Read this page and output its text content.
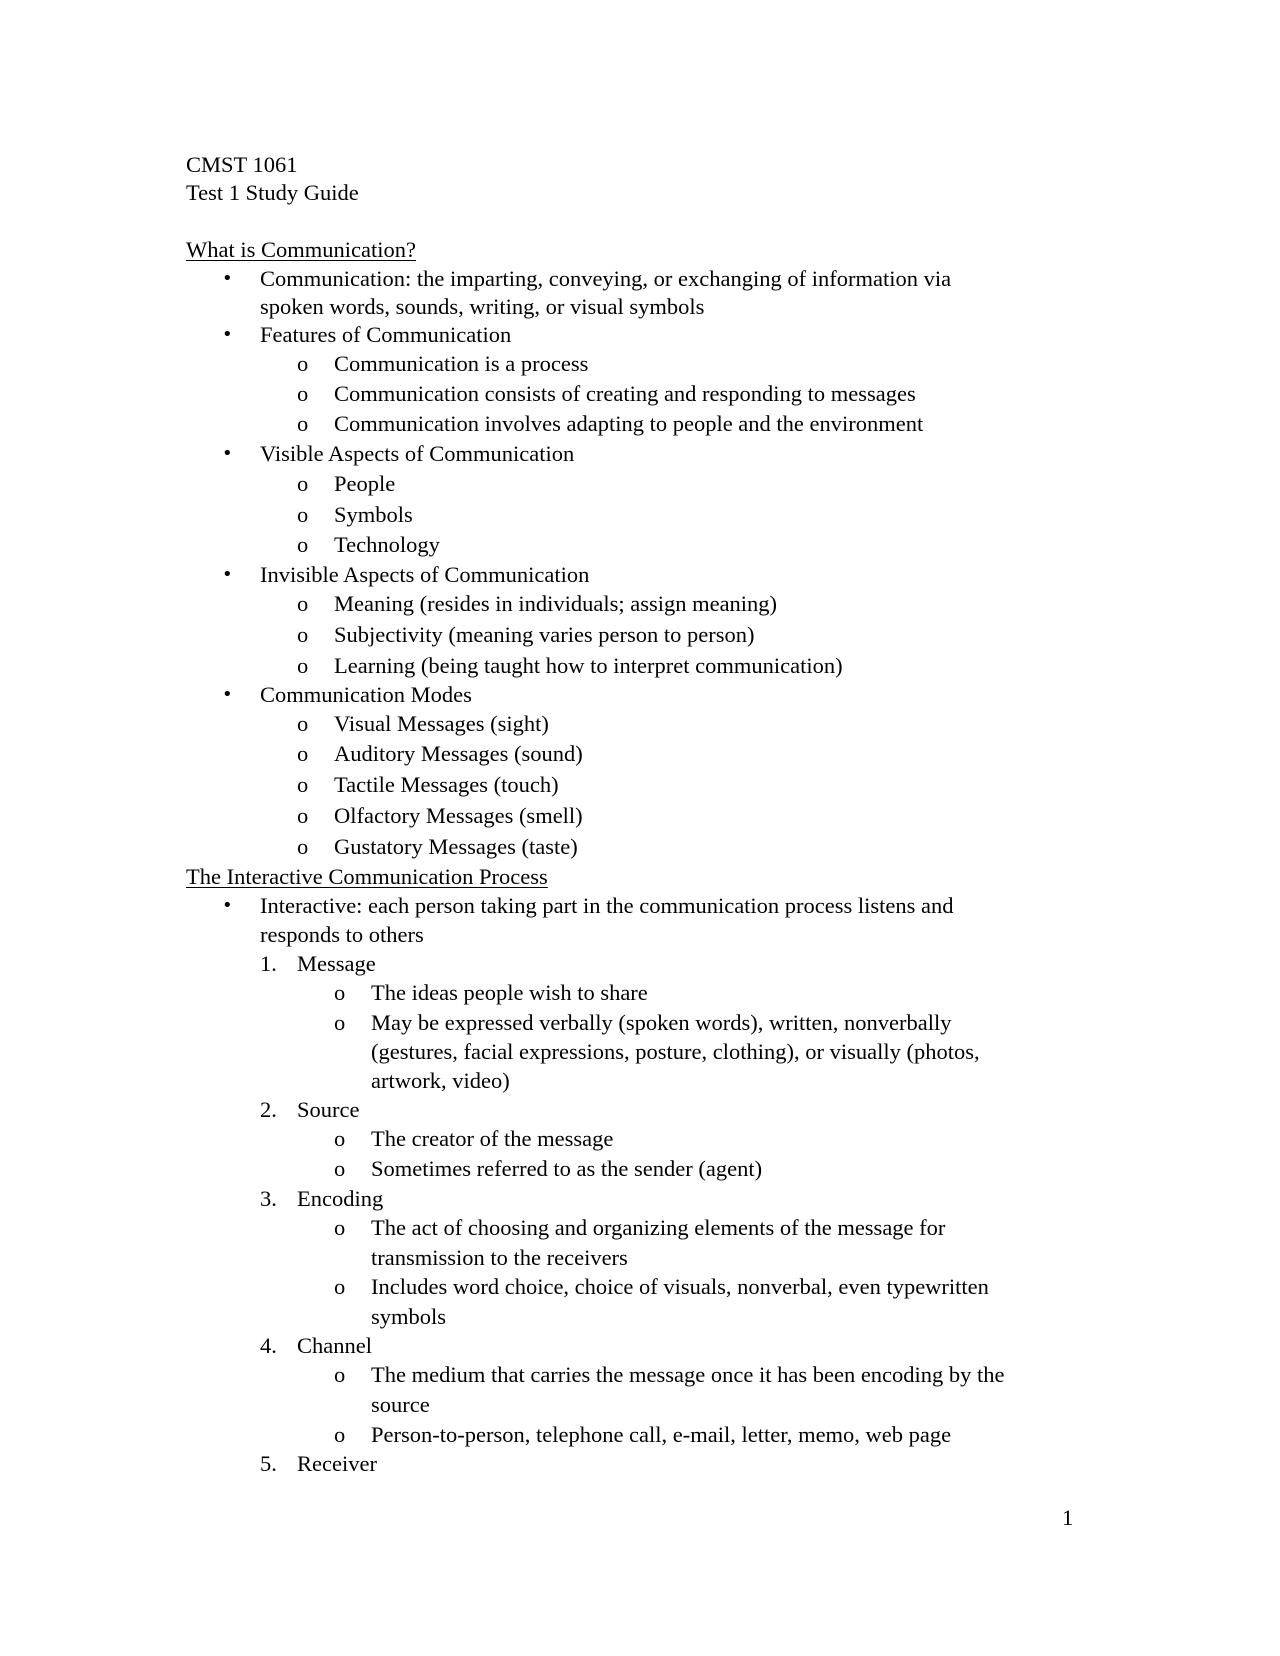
CMST 1061
Test 1 Study Guide
What is Communication?
• Communication: the imparting, conveying, or exchanging of information via
spoken words, sounds, writing, or visual symbols
• Features of Communication
o Communication is a process
o Communication consists of creating and responding to messages
o Communication involves adapting to people and the environment
• Visible Aspects of Communication
o People
o Symbols
o Technology
• Invisible Aspects of Communication
o Meaning (resides in individuals; assign meaning)
o Subjectivity (meaning varies person to person)
o Learning (being taught how to interpret communication)
• Communication Modes
o Visual Messages (sight)
o Auditory Messages (sound)
o Tactile Messages (touch)
o Olfactory Messages (smell)
o Gustatory Messages (taste)
The Interactive Communication Process
• Interactive: each person taking part in the communication process listens and
responds to others
1. Message
o The ideas people wish to share
o May be expressed verbally (spoken words), written, nonverbally
(gestures, facial expressions, posture, clothing), or visually (photos,
artwork, video)
2. Source
o The creator of the message
o Sometimes referred to as the sender (agent)
3. Encoding
o The act of choosing and organizing elements of the message for
transmission to the receivers
o Includes word choice, choice of visuals, nonverbal, even typewritten
symbols
4. Channel
o The medium that carries the message once it has been encoding by the
source
o Person-to-person, telephone call, e-mail, letter, memo, web page
5. Receiver
1
